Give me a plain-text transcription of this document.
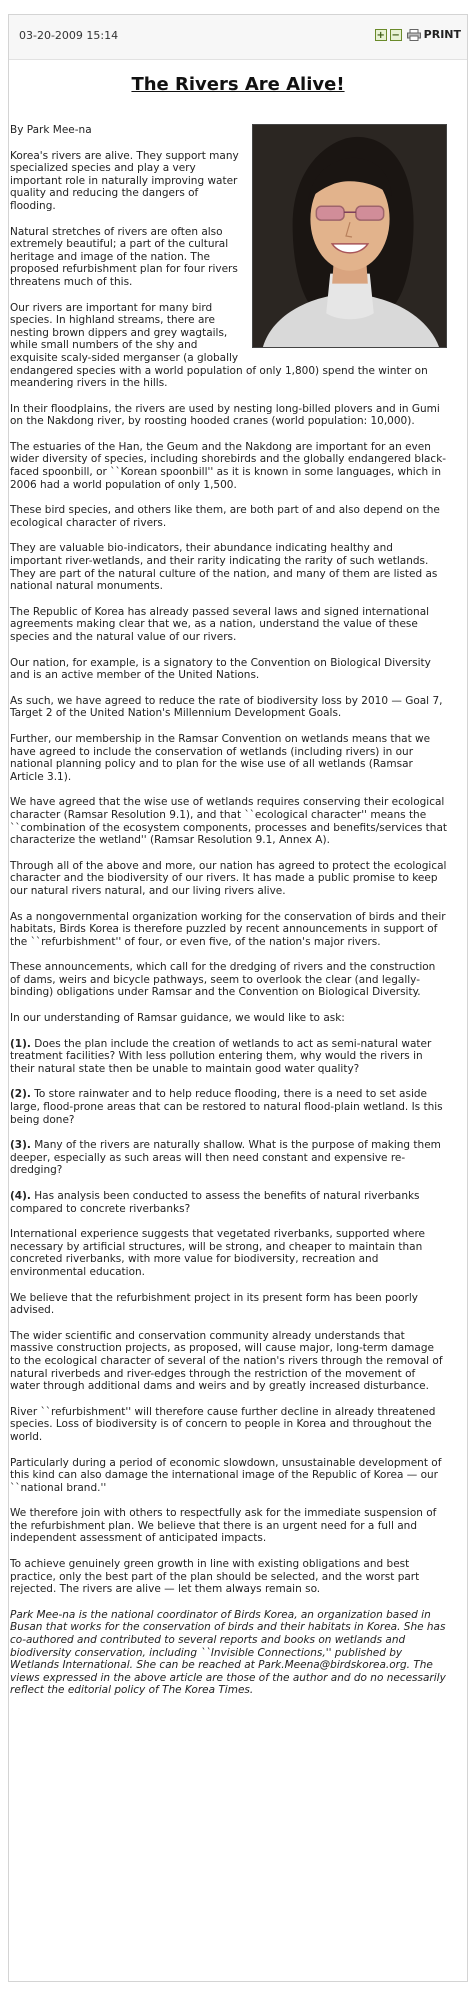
03-20-2009 15:14	+ − PRINT
The Rivers Are Alive!

By Park Mee-na

Korea's rivers are alive. They support many specialized species and play a very important role in naturally improving water quality and reducing the dangers of flooding.

Natural stretches of rivers are often also extremely beautiful; a part of the cultural heritage and image of the nation. The proposed refurbishment plan for four rivers threatens much of this.

Our rivers are important for many bird species. In highland streams, there are nesting brown dippers and grey wagtails, while small numbers of the shy and exquisite scaly-sided merganser (a globally endangered species with a world population of only 1,800) spend the winter on meandering rivers in the hills.

In their floodplains, the rivers are used by nesting long-billed plovers and in Gumi on the Nakdong river, by roosting hooded cranes (world population: 10,000).

The estuaries of the Han, the Geum and the Nakdong are important for an even wider diversity of species, including shorebirds and the globally endangered black-faced spoonbill, or ``Korean spoonbill'' as it is known in some languages, which in 2006 had a world population of only 1,500.

These bird species, and others like them, are both part of and also depend on the ecological character of rivers.

They are valuable bio-indicators, their abundance indicating healthy and important river-wetlands, and their rarity indicating the rarity of such wetlands. They are part of the natural culture of the nation, and many of them are listed as national natural monuments.

The Republic of Korea has already passed several laws and signed international agreements making clear that we, as a nation, understand the value of these species and the natural value of our rivers.

Our nation, for example, is a signatory to the Convention on Biological Diversity and is an active member of the United Nations.

As such, we have agreed to reduce the rate of biodiversity loss by 2010 — Goal 7, Target 2 of the United Nation's Millennium Development Goals.

Further, our membership in the Ramsar Convention on wetlands means that we have agreed to include the conservation of wetlands (including rivers) in our national planning policy and to plan for the wise use of all wetlands (Ramsar Article 3.1).

We have agreed that the wise use of wetlands requires conserving their ecological character (Ramsar Resolution 9.1), and that ``ecological character'' means the ``combination of the ecosystem components, processes and benefits/services that characterize the wetland'' (Ramsar Resolution 9.1, Annex A).

Through all of the above and more, our nation has agreed to protect the ecological character and the biodiversity of our rivers. It has made a public promise to keep our natural rivers natural, and our living rivers alive.

As a nongovernmental organization working for the conservation of birds and their habitats, Birds Korea is therefore puzzled by recent announcements in support of the ``refurbishment'' of four, or even five, of the nation's major rivers.

These announcements, which call for the dredging of rivers and the construction of dams, weirs and bicycle pathways, seem to overlook the clear (and legally-binding) obligations under Ramsar and the Convention on Biological Diversity.

In our understanding of Ramsar guidance, we would like to ask:

(1). Does the plan include the creation of wetlands to act as semi-natural water treatment facilities? With less pollution entering them, why would the rivers in their natural state then be unable to maintain good water quality?

(2). To store rainwater and to help reduce flooding, there is a need to set aside large, flood-prone areas that can be restored to natural flood-plain wetland. Is this being done?

(3). Many of the rivers are naturally shallow. What is the purpose of making them deeper, especially as such areas will then need constant and expensive re-dredging?

(4). Has analysis been conducted to assess the benefits of natural riverbanks compared to concrete riverbanks?

International experience suggests that vegetated riverbanks, supported where necessary by artificial structures, will be strong, and cheaper to maintain than concreted riverbanks, with more value for biodiversity, recreation and environmental education.

We believe that the refurbishment project in its present form has been poorly advised.

The wider scientific and conservation community already understands that massive construction projects, as proposed, will cause major, long-term damage to the ecological character of several of the nation's rivers through the removal of natural riverbeds and river-edges through the restriction of the movement of water through additional dams and weirs and by greatly increased disturbance.

River ``refurbishment'' will therefore cause further decline in already threatened species. Loss of biodiversity is of concern to people in Korea and throughout the world.

Particularly during a period of economic slowdown, unsustainable development of this kind can also damage the international image of the Republic of Korea — our ``national brand.''

We therefore join with others to respectfully ask for the immediate suspension of the refurbishment plan. We believe that there is an urgent need for a full and independent assessment of anticipated impacts.

To achieve genuinely green growth in line with existing obligations and best practice, only the best part of the plan should be selected, and the worst part rejected. The rivers are alive — let them always remain so.

Park Mee-na is the national coordinator of Birds Korea, an organization based in Busan that works for the conservation of birds and their habitats in Korea. She has co-authored and contributed to several reports and books on wetlands and biodiversity conservation, including ``Invisible Connections,'' published by Wetlands International. She can be reached at Park.Meena@birdskorea.org. The views expressed in the above article are those of the author and do no necessarily reflect the editorial policy of The Korea Times.
